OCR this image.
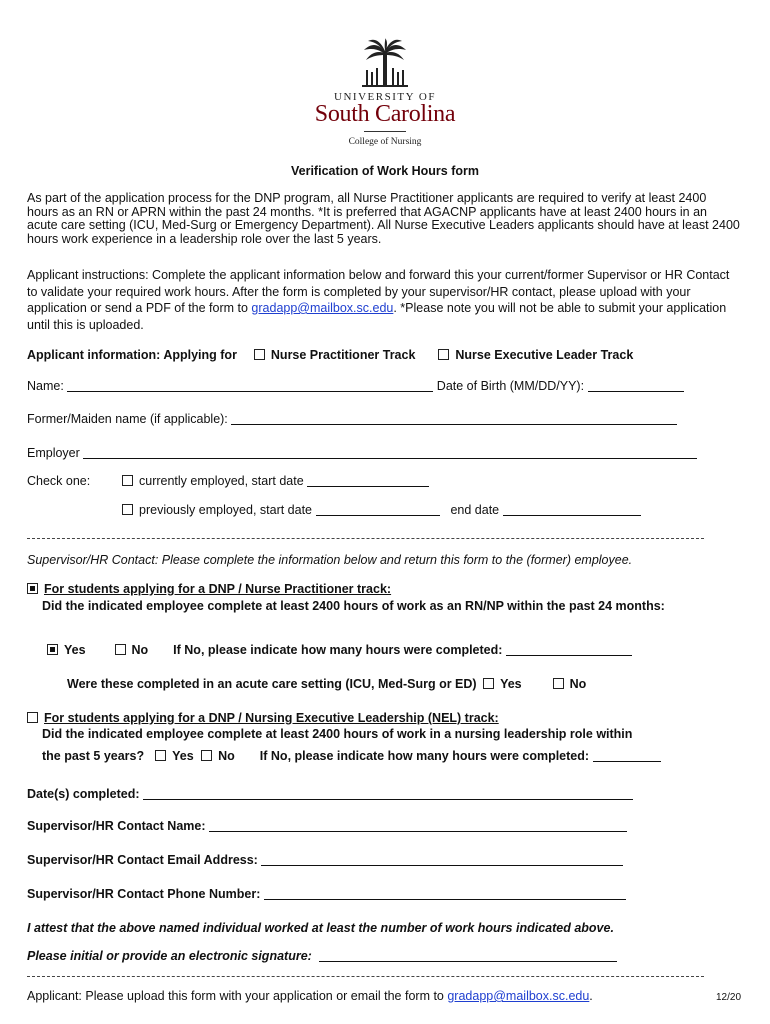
UNIVERSITY OF
South Carolina
College of Nursing
Verification of Work Hours form
As part of the application process for the DNP program, all Nurse Practitioner applicants are required to verify at least 2400 hours as an RN or APRN within the past 24 months. *It is preferred that AGACNP applicants have at least 2400 hours in an acute care setting (ICU, Med-Surg or Emergency Department). All Nurse Executive Leaders applicants should have at least 2400 hours work experience in a leadership role over the last 5 years.
Applicant instructions: Complete the applicant information below and forward this your current/former Supervisor or HR Contact to validate your required work hours. After the form is completed by your supervisor/HR contact, please upload with your application or send a PDF of the form to gradapp@mailbox.sc.edu. *Please note you will not be able to submit your application until this is uploaded.
Applicant information: Applying for	Nurse Practitioner Track	Nurse Executive Leader Track
Name:	Date of Birth (MM/DD/YY):
Former/Maiden name (if applicable):
Employer
Check one:	currently employed, start date
previously employed, start date	end date
Supervisor/HR Contact: Please complete the information below and return this form to the (former) employee.
For students applying for a DNP / Nurse Practitioner track:
Did the indicated employee complete at least 2400 hours of work as an RN/NP within the past 24 months:
Yes	No If No, please indicate how many hours were completed:
Were these completed in an acute care setting (ICU, Med-Surg or ED) Yes	No
For students applying for a DNP / Nursing Executive Leadership (NEL) track:
Did the indicated employee complete at least 2400 hours of work in a nursing leadership role within
the past 5 years? Yes No If No, please indicate how many hours were completed:
Date(s) completed:
Supervisor/HR Contact Name:
Supervisor/HR Contact Email Address:
Supervisor/HR Contact Phone Number:
I attest that the above named individual worked at least the number of work hours indicated above.
Please initial or provide an electronic signature:
Applicant: Please upload this form with your application or email the form to gradapp@mailbox.sc.edu.	12/20
